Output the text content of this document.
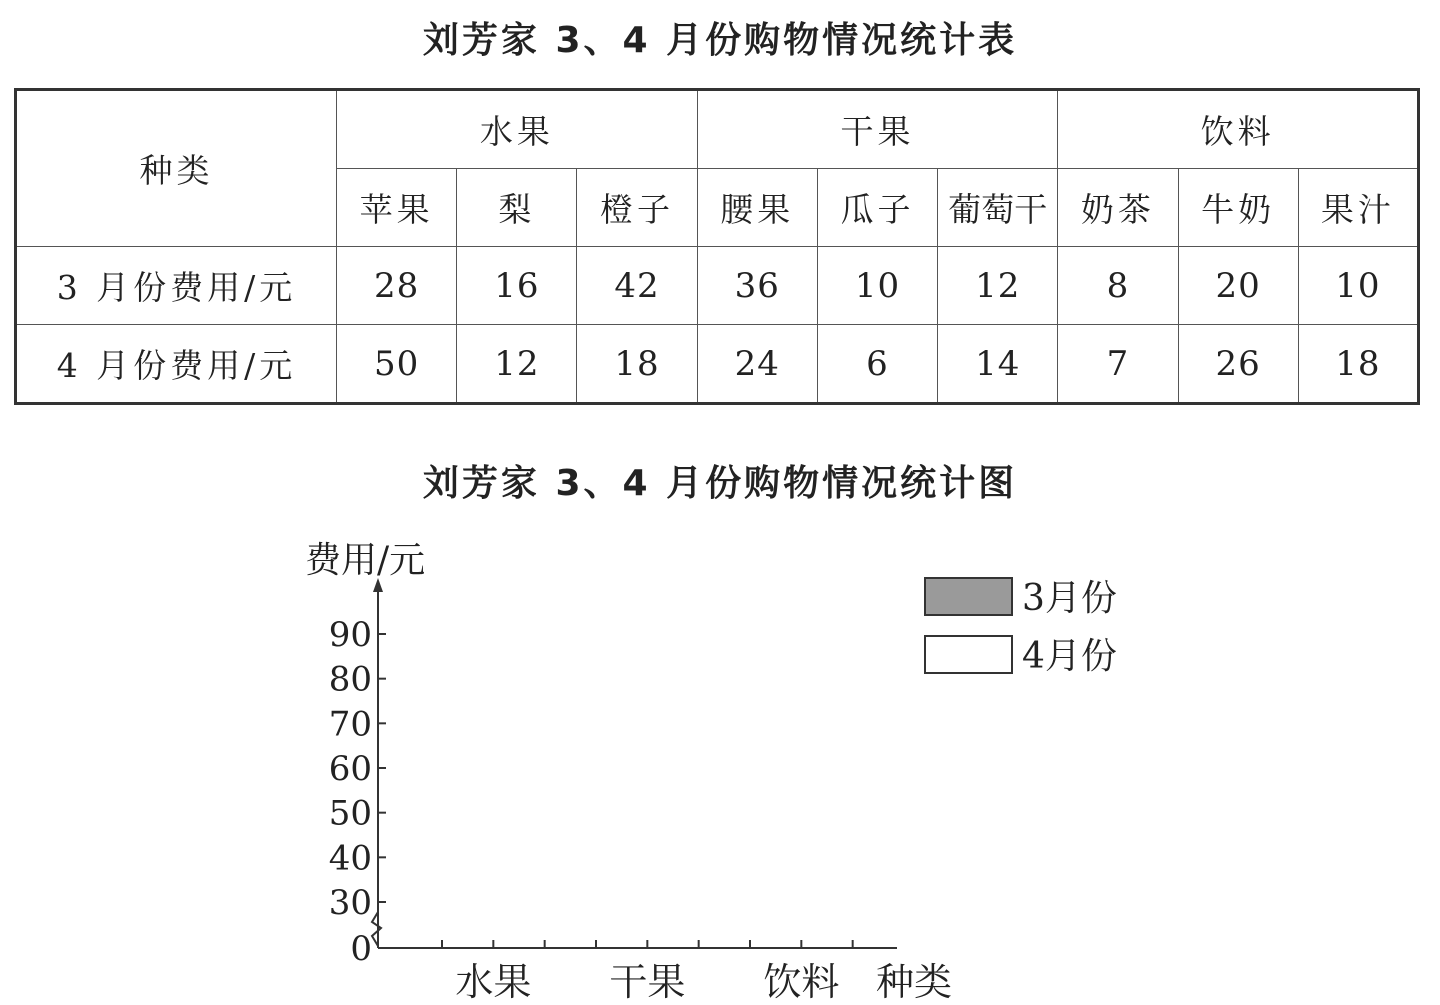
刘芳家 3、4 月份购物情况统计表
种类	水果			干果			饮料		
	苹果	梨	橙子	腰果	瓜子	葡萄干	奶茶	牛奶	果汁
3 月份费用/元	28	16	42	36	10	12	8	20	10
4 月份费用/元	50	12	18	24	6	14	7	26	18
刘芳家 3、4 月份购物情况统计图
费用/元
种类
0
30
40
50
60
70
80
90
水果 干果 饮料
3月份
4月份
